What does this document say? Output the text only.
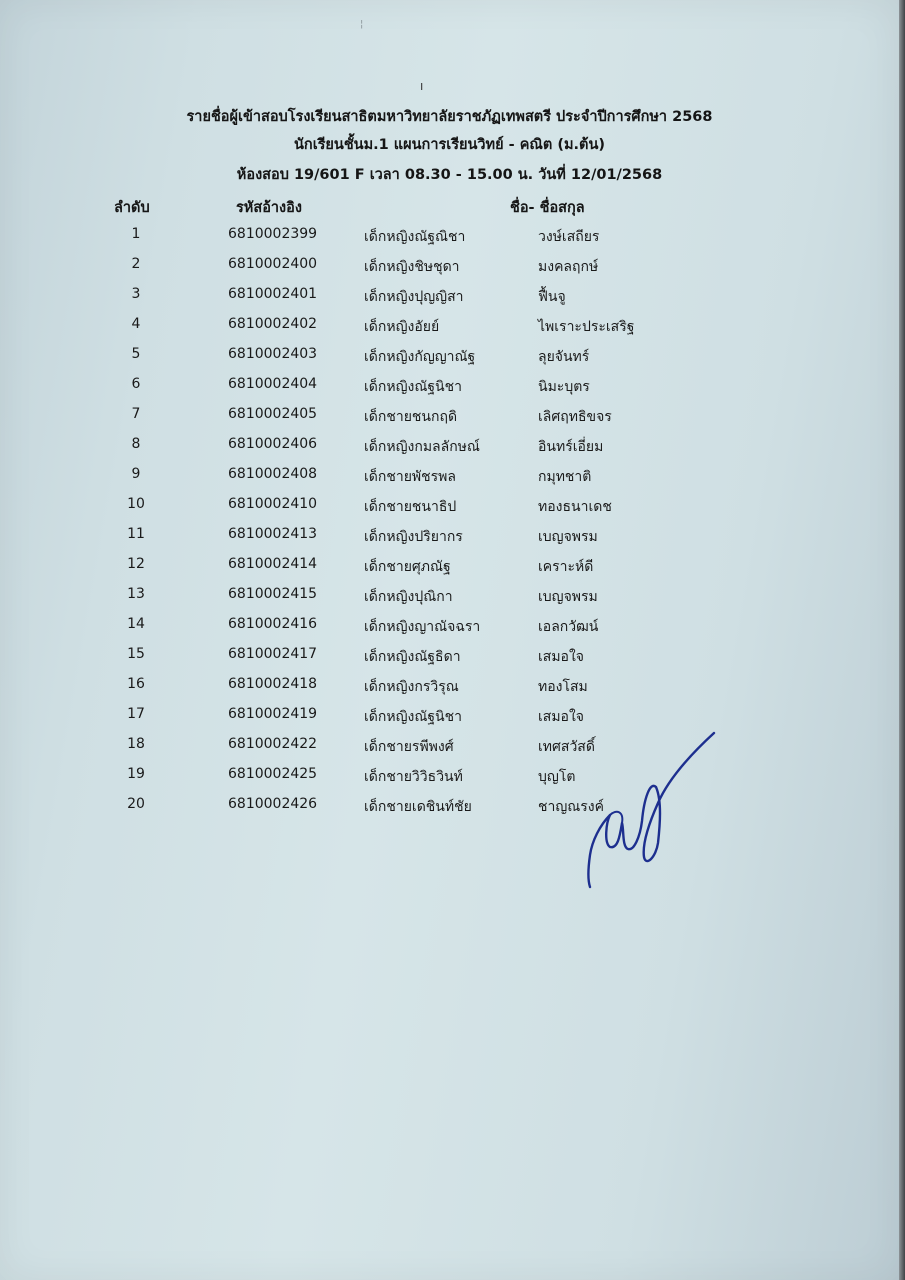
¦
ı
รายชื่อผู้เข้าสอบโรงเรียนสาธิตมหาวิทยาลัยราชภัฏเทพสตรี ประจำปีการศึกษา 2568
นักเรียนชั้นม.1 แผนการเรียนวิทย์ - คณิต (ม.ต้น)
ห้องสอบ 19/601 F เวลา 08.30 - 15.00 น. วันที่ 12/01/2568
ลำดับ	รหัสอ้างอิง	ชื่อ- ชื่อสกุล
1	6810002399	เด็กหญิงณัฐณิชา	วงษ์เสถียร
2	6810002400	เด็กหญิงชิษชุดา	มงคลฤกษ์
3	6810002401	เด็กหญิงปุญญิสา	ฟื้นจู
4	6810002402	เด็กหญิงอัยย์	ไพเราะประเสริฐ
5	6810002403	เด็กหญิงกัญญาณัฐ	ลุยจันทร์
6	6810002404	เด็กหญิงณัฐนิชา	นิมะบุตร
7	6810002405	เด็กชายชนกฤดิ	เลิศฤทธิขจร
8	6810002406	เด็กหญิงกมลลักษณ์	อินทร์เอี่ยม
9	6810002408	เด็กชายพัชรพล	กมุทชาติ
10	6810002410	เด็กชายชนาธิป	ทองธนาเดช
11	6810002413	เด็กหญิงปริยากร	เบญจพรม
12	6810002414	เด็กชายศุภณัฐ	เคราะห์ดี
13	6810002415	เด็กหญิงปุณิกา	เบญจพรม
14	6810002416	เด็กหญิงญาณัจฉรา	เอลกวัฒน์
15	6810002417	เด็กหญิงณัฐธิดา	เสมอใจ
16	6810002418	เด็กหญิงกรวิรุณ	ทองโสม
17	6810002419	เด็กหญิงณัฐนิชา	เสมอใจ
18	6810002422	เด็กชายรพีพงศ์	เทศสวัสดิ์
19	6810002425	เด็กชายวิวิธวินท์	บุญโต
20	6810002426	เด็กชายเดชินท์ชัย	ชาญณรงค์
